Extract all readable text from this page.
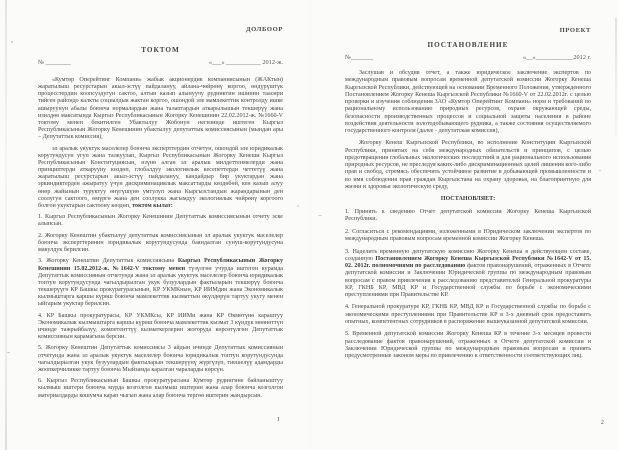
ДОЛБООР
ТОКТОМ
№ ________	«___» ___________ 2012-ж.

«Кумтөр Оперейтинг Компани» жабык акционердик компаниясынын (ЖАКтын) жаратылыш ресурстарын акыл-эстүү пайдалануу, айлана-чөйрөнү коргоо, өндүрүштүк процесстердин коопсуздугун сактоо, алтын казып алынуучу рудниктин ишинин таасири тийген райондо калкты социалдык жактан коргоо, ошондой эле мамлекеттик контролду ишке ашыруунун абалы боюнча нормалардын жана талаптардын аткарылышын текшерүү жана изилдөө максатында Кыргыз Республикасынын Жогорку Кенешинин 22.02.2012-ж. №1660-V токтому менен бекитилген Убактылуу Жобонун негизинде иштеген Кыргыз Республикасынын Жогорку Кенешинин убактылуу депутаттык комиссиясынын (мындан ары – Депутаттык комиссия),

эл аралык укуктук маселелер боюнча эксперттердин отчетун, ошондой эле юридикалык корутундусун угуп жана талкуулап, Кыргыз Республикасынын Жогорку Кенеши Кыргыз Республикасынын Конституциясын, өзүнө алган эл аралык милдеттенмелерди жана принциптерди аткарууну көздөп, глобалдуу экологиялык кесепеттерди четтетүү жана жаратылыш ресурстарын акыл-эстүү пайдалануу, кандайдыр бир укуктардан жана эркиндиктерден ажыратуу үчүн дискриминациялык максаттарды көздөбөй, кен казып алуу өнөр жайынын туруктуу өнүгүшүнө умтулуп жана Кыргызстандын жарандарынын ден соолугун сактоого, өмүргө жана ден соолукка жагымдуу экологиялык чөйрөнү коргоого болгон укуктарын сактоону көздөп, токтом кылат:

1. Кыргыз Республикасынын Жогорку Кенешинин Депутаттык комиссиясынын отчету эске алынсын.

2. Жогорку Кенештин убактылуу депутаттык комиссиясынын эл аралык укуктук маселелер боюнча эксперттеринин юридикалык корутундусунда баяндалган сунуш-корутундусуна макулдук берилсин.

3. Жогорку Кенештин Депутаттык комиссиясына Кыргыз Республикасынын Жогорку Кенешинин 15.02.2012-ж. №1642-V токтому менен түзүлгөн учурда иштеген курамда Депутаттык комиссиянын отчетунда жана эл аралык укуктук маселелер боюнча юридикалык топтун корутундусунда чагылдырылган укук бузуулардын фактыларын текшерүү боюнча текшерүүгө КР Башкы прокуратурасынын, КР УКМКнын, КР ИИМдин жана Экономикалык кылмыштарга каршы күрөш боюнча мамлекеттик кызматтын өкүлдөрүн тартуу укугу менен ыйгарым укуктар берилсин.

4. КР Башкы прокуратурасы, КР УКМКсы, КР ИИМи жана КР Өкмөтүнө караштуу Экономикалык кылмыштарга каршы күрөш боюнча мамлекеттик кызмат 3 күндүк мөөнөттүн ичинде тажрыйбалуу, компетенттүү кызматкерлерин жогоруда көрсөтүлгөн Депутаттык комиссиянын карамагына берсин.

5. Жогорку Кенештин Депутаттык комиссиясы 3 айдын ичинде Депутаттык комиссиянын отчетунда жана эл аралык укуктук маселелер боюнча юридикалык топтун корутундусунда чагылдырылган укук бузуулардын фактыларын текшерүүнү жүргүзүп, тиешелүү адамдарды жоопкерчиликке тартуу боюнча Мыйзамда каралган чараларды көрсүн.

6. Кыргыз Республикасынын Башкы прокуратурасына Кумтөр руднигине байланыштуу кылмыш иштери боюнча мурда козголгон кылмыш иштерин жана алар боюнча козголгон материалдарды кошумча карап чыгып жана алар боюнча тергөө иштерин жандырсын.

1
ПРОЕКТ
ПОСТАНОВЛЕНИЕ
№_______	«__»____________2012 г.

Заслушав и обсудив отчет, а также юридическое заключение экспертов по международным правовым вопросам временной депутатской комиссии Жогорку Кенеша Кыргызской Республики, действующей на основании Временного Положения, утвержденного Постановлением Жогорку Кенеша Кыргызской Республики №1660-V от 22.02.2012г. с целью проверки и изучения соблюдения ЗАО «Кумтор Оперейтинг Компани» норм и требований по рациональному использованию природных ресурсов, охране окружающей среды, безопасности производственных процессов и социальной защиты населения в районе воздействия деятельности золотодобывающего рудника, а также состояния осуществляемого государственного контроля (далее - депутатская комиссия),

Жогорку Кенеш Кыргызской Республики, во исполнение Конституции Кыргызской Республики, принятых на себя международных обязательств и принципов, с целью предотвращения глобальных экологических последствий и для рационального использования природных ресурсов, не преследуя каких-либо дискриминационных целей лишения кого-либо прав и свобод, стремясь обеспечить устойчивое развитие в добывающей промышленности и во имя соблюдения прав граждан Кыргызстана на охрану здоровья, на благоприятную для жизни и здоровья экологическую среду,

ПОСТАНОВЛЯЕТ:

1. Принять к сведению Отчет депутатской комиссии Жогорку Кенеша Кыргызской Республики.

2. Согласиться с рекомендациями, изложенными в Юридическом заключении экспертов по международным правовым вопросам временной комиссии Жогорку Кенеша.

3. Наделить временную депутатскую комиссию Жогорку Кенеша в действующем составе, созданную Постановлением Жогорку Кенеша Кыргызской Республики №1642-V от 15. 02. 2012г. полномочиями по расследованию фактов правонарушений, отраженных в Отчете депутатской комиссии и Заключении Юридической группы по международным правовым вопросам с правом привлечения к расследованию представителей Генеральной прокуратуры КР, ГКНБ КР, МВД КР и Государственной службы по борьбе с экономическими преступлениями при Правительстве КР.

4. Генеральной прокуратуре КР, ГКНБ КР, МВД КР и Государственной службы по борьбе с экономическими преступлениями при Правительстве КР в 3-х дневный срок предоставить опытных, компетентных сотрудников в распоряжение вышеуказанной депутатской комиссии.

5. Временной депутатской комиссии Жогорку Кенеша КР в течение 3-х месяцев провести расследование фактов правонарушений, отраженных в Отчете депутатской комиссии и Заключении Юридической группы по международным правовым вопросам и принять предусмотренные законом меры по привлечению к ответственности соответствующих лиц.

2
